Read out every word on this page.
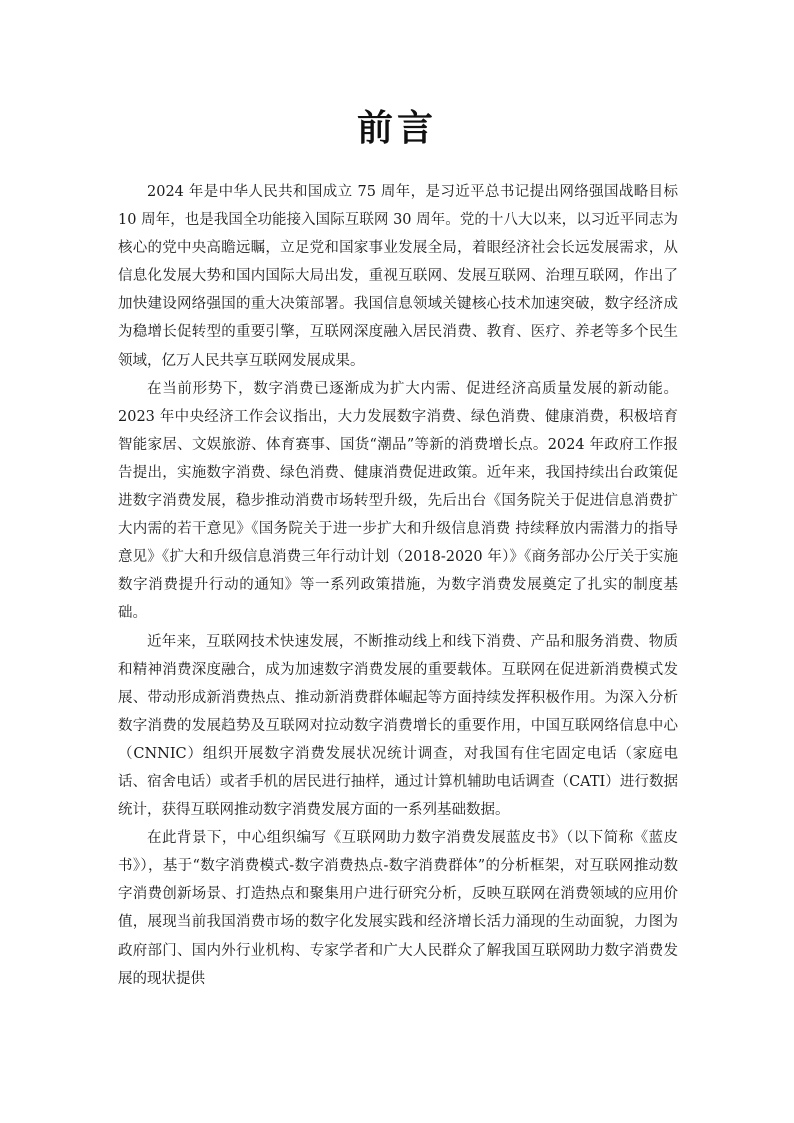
前言

2024 年是中华人民共和国成立 75 周年，是习近平总书记提出网络强国战略目标 10 周年，也是我国全功能接入国际互联网 30 周年。党的十八大以来，以习近平同志为核心的党中央高瞻远瞩，立足党和国家事业发展全局，着眼经济社会长远发展需求，从信息化发展大势和国内国际大局出发，重视互联网、发展互联网、治理互联网，作出了加快建设网络强国的重大决策部署。我国信息领域关键核心技术加速突破，数字经济成为稳增长促转型的重要引擎，互联网深度融入居民消费、教育、医疗、养老等多个民生领域，亿万人民共享互联网发展成果。

在当前形势下，数字消费已逐渐成为扩大内需、促进经济高质量发展的新动能。2023 年中央经济工作会议指出，大力发展数字消费、绿色消费、健康消费，积极培育智能家居、文娱旅游、体育赛事、国货“潮品”等新的消费增长点。2024 年政府工作报告提出，实施数字消费、绿色消费、健康消费促进政策。近年来，我国持续出台政策促进数字消费发展，稳步推动消费市场转型升级，先后出台《国务院关于促进信息消费扩大内需的若干意见》《国务院关于进一步扩大和升级信息消费 持续释放内需潜力的指导意见》《扩大和升级信息消费三年行动计划（2018-2020 年）》《商务部办公厅关于实施数字消费提升行动的通知》等一系列政策措施，为数字消费发展奠定了扎实的制度基础。

近年来，互联网技术快速发展，不断推动线上和线下消费、产品和服务消费、物质和精神消费深度融合，成为加速数字消费发展的重要载体。互联网在促进新消费模式发展、带动形成新消费热点、推动新消费群体崛起等方面持续发挥积极作用。为深入分析数字消费的发展趋势及互联网对拉动数字消费增长的重要作用，中国互联网络信息中心（CNNIC）组织开展数字消费发展状况统计调查，对我国有住宅固定电话（家庭电话、宿舍电话）或者手机的居民进行抽样，通过计算机辅助电话调查（CATI）进行数据统计，获得互联网推动数字消费发展方面的一系列基础数据。

在此背景下，中心组织编写《互联网助力数字消费发展蓝皮书》（以下简称《蓝皮书》），基于“数字消费模式-数字消费热点-数字消费群体”的分析框架，对互联网推动数字消费创新场景、打造热点和聚集用户进行研究分析，反映互联网在消费领域的应用价值，展现当前我国消费市场的数字化发展实践和经济增长活力涌现的生动面貌，力图为政府部门、国内外行业机构、专家学者和广大人民群众了解我国互联网助力数字消费发展的现状提供
